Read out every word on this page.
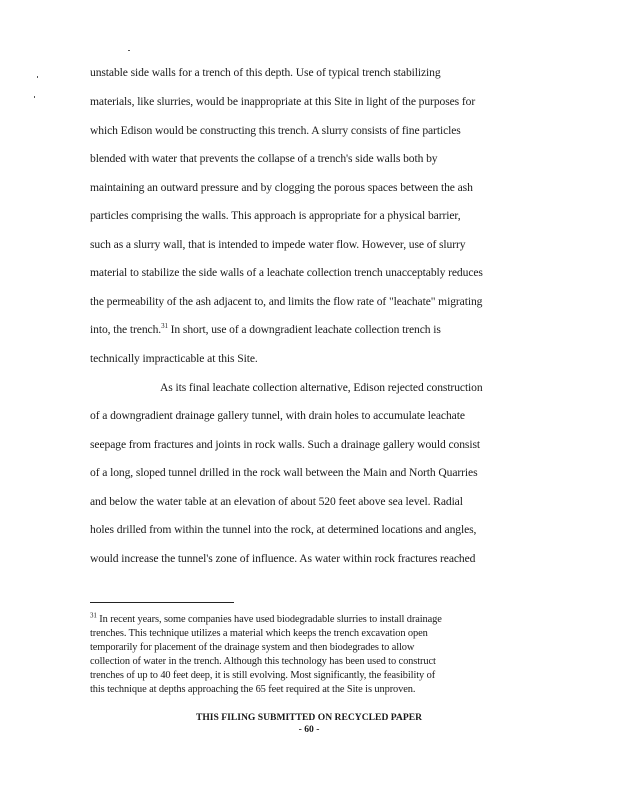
unstable side walls for a trench of this depth. Use of typical trench stabilizing
materials, like slurries, would be inappropriate at this Site in light of the purposes for
which Edison would be constructing this trench. A slurry consists of fine particles
blended with water that prevents the collapse of a trench's side walls both by
maintaining an outward pressure and by clogging the porous spaces between the ash
particles comprising the walls. This approach is appropriate for a physical barrier,
such as a slurry wall, that is intended to impede water flow. However, use of slurry
material to stabilize the side walls of a leachate collection trench unacceptably reduces
the permeability of the ash adjacent to, and limits the flow rate of "leachate" migrating
into, the trench.$^{31}$ In short, use of a downgradient leachate collection trench is
technically impracticable at this Site.
As its final leachate collection alternative, Edison rejected construction
of a downgradient drainage gallery tunnel, with drain holes to accumulate leachate
seepage from fractures and joints in rock walls. Such a drainage gallery would consist
of a long, sloped tunnel drilled in the rock wall between the Main and North Quarries
and below the water table at an elevation of about 520 feet above sea level. Radial
holes drilled from within the tunnel into the rock, at determined locations and angles,
would increase the tunnel's zone of influence. As water within rock fractures reached
$^{31}$ In recent years, some companies have used biodegradable slurries to install drainage
trenches. This technique utilizes a material which keeps the trench excavation open
temporarily for placement of the drainage system and then biodegrades to allow
collection of water in the trench. Although this technology has been used to construct
trenches of up to 40 feet deep, it is still evolving. Most significantly, the feasibility of
this technique at depths approaching the 65 feet required at the Site is unproven.
THIS FILING SUBMITTED ON RECYCLED PAPER
- 60 -
